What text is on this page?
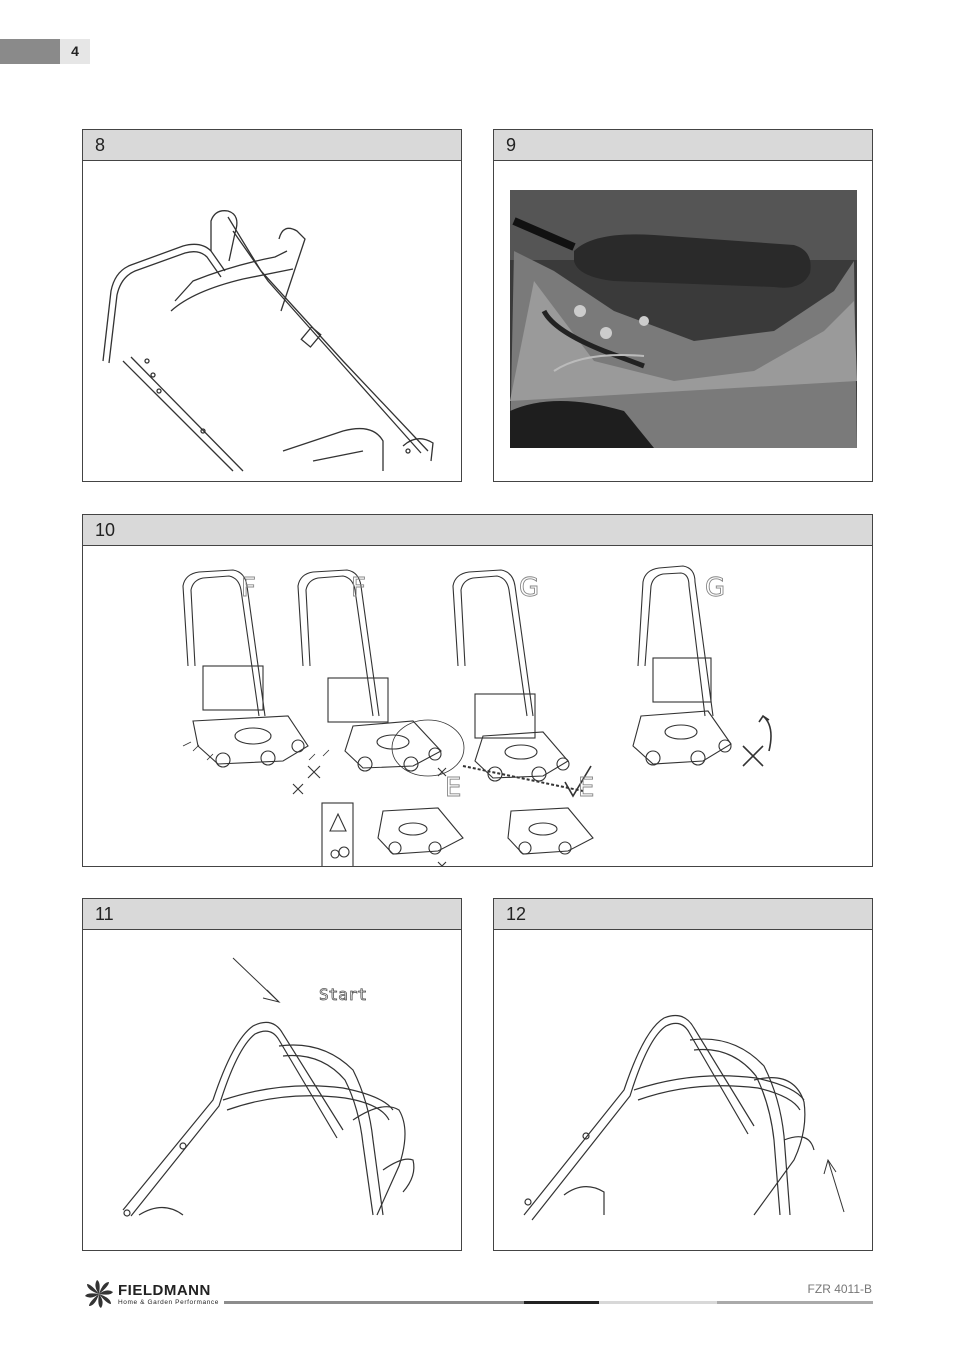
4
8	9
10
F	F	G	G
E	E
11
Start
12
FIELDMANN
Home & Garden Performance
FZR 4011-B
